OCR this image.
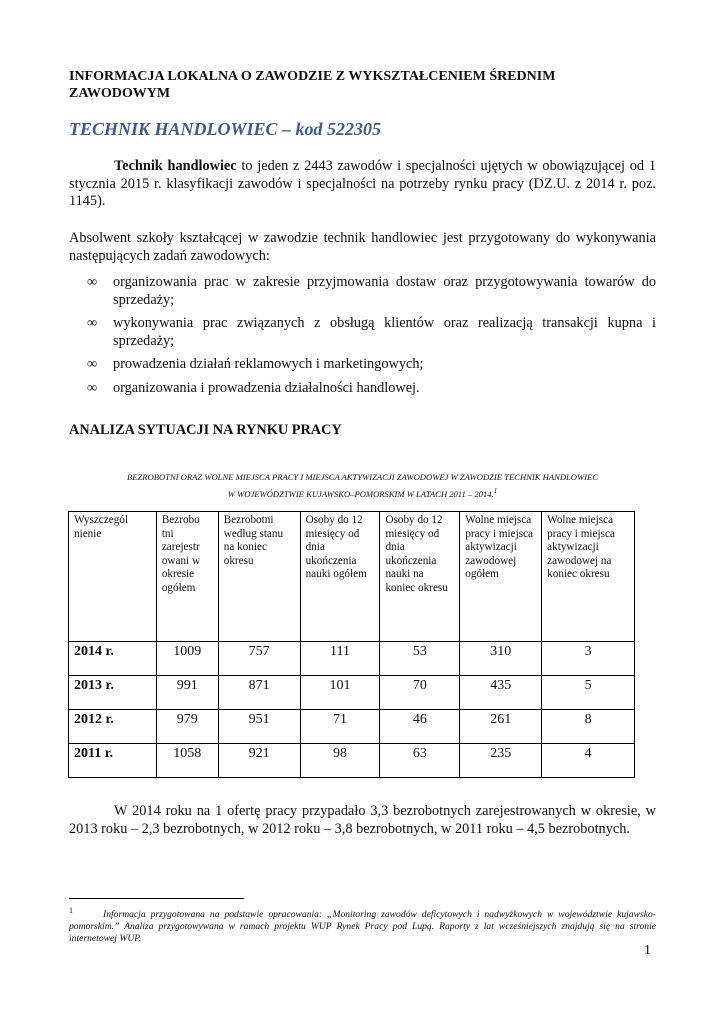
INFORMACJA LOKALNA O ZAWODZIE Z WYKSZTAŁCENIEM ŚREDNIM
ZAWODOWYM
TECHNIK HANDLOWIEC – kod 522305
Technik handlowiec to jeden z 2443 zawodów i specjalności ujętych w obowiązującej od 1 stycznia 2015 r. klasyfikacji zawodów i specjalności na potrzeby rynku pracy (DZ.U. z 2014 r. poz. 1145).
Absolwent szkoły kształcącej w zawodzie technik handlowiec jest przygotowany do wykonywania następujących zadań zawodowych:
∞ organizowania prac w zakresie przyjmowania dostaw oraz przygotowywania towarów do sprzedaży;
∞ wykonywania prac związanych z obsługą klientów oraz realizacją transakcji kupna i sprzedaży;
∞ prowadzenia działań reklamowych i marketingowych;
∞ organizowania i prowadzenia działalności handlowej.
ANALIZA SYTUACJI NA RYNKU PRACY
BEZROBOTNI ORAZ WOLNE MIEJSCA PRACY I MIEJSCA AKTYWIZACJI ZAWODOWEJ W ZAWODZIE TECHNIK HANDLOWIEC
W WOJEWÓDZTWIE KUJAWSKO–POMORSKIM W LATACH 2011 – 2014.$^1$
Wyszczegól nienie	Bezrobo tni zarejestr owani w okresie ogółem	Bezrobotni według stanu na koniec okresu	Osoby do 12 miesięcy od dnia ukończenia nauki ogółem	Osoby do 12 miesięcy od dnia ukończenia nauki na koniec okresu	Wolne miejsca pracy i miejsca aktywizacji zawodowej ogółem	Wolne miejsca pracy i miejsca aktywizacji zawodowej na koniec okresu
2014 r.	1009	757	111	53	310	3
2013 r.	991	871	101	70	435	5
2012 r.	979	951	71	46	261	8
2011 r.	1058	921	98	63	235	4
W 2014 roku na 1 ofertę pracy przypadało 3,3 bezrobotnych zarejestrowanych w okresie, w 2013 roku – 2,3 bezrobotnych, w 2012 roku – 3,8 bezrobotnych, w 2011 roku – 4,5 bezrobotnych.
$^1$	Informacja przygotowana na podstawie opracowania: „Monitoring zawodów deficytowych i nadwyżkowych w województwie kujawsko-pomorskim.” Analiza przygotowywana w ramach projektu WUP Rynek Pracy pod Lupą. Raporty z lat wcześniejszych znajdują się na stronie internetowej WUP.
1
